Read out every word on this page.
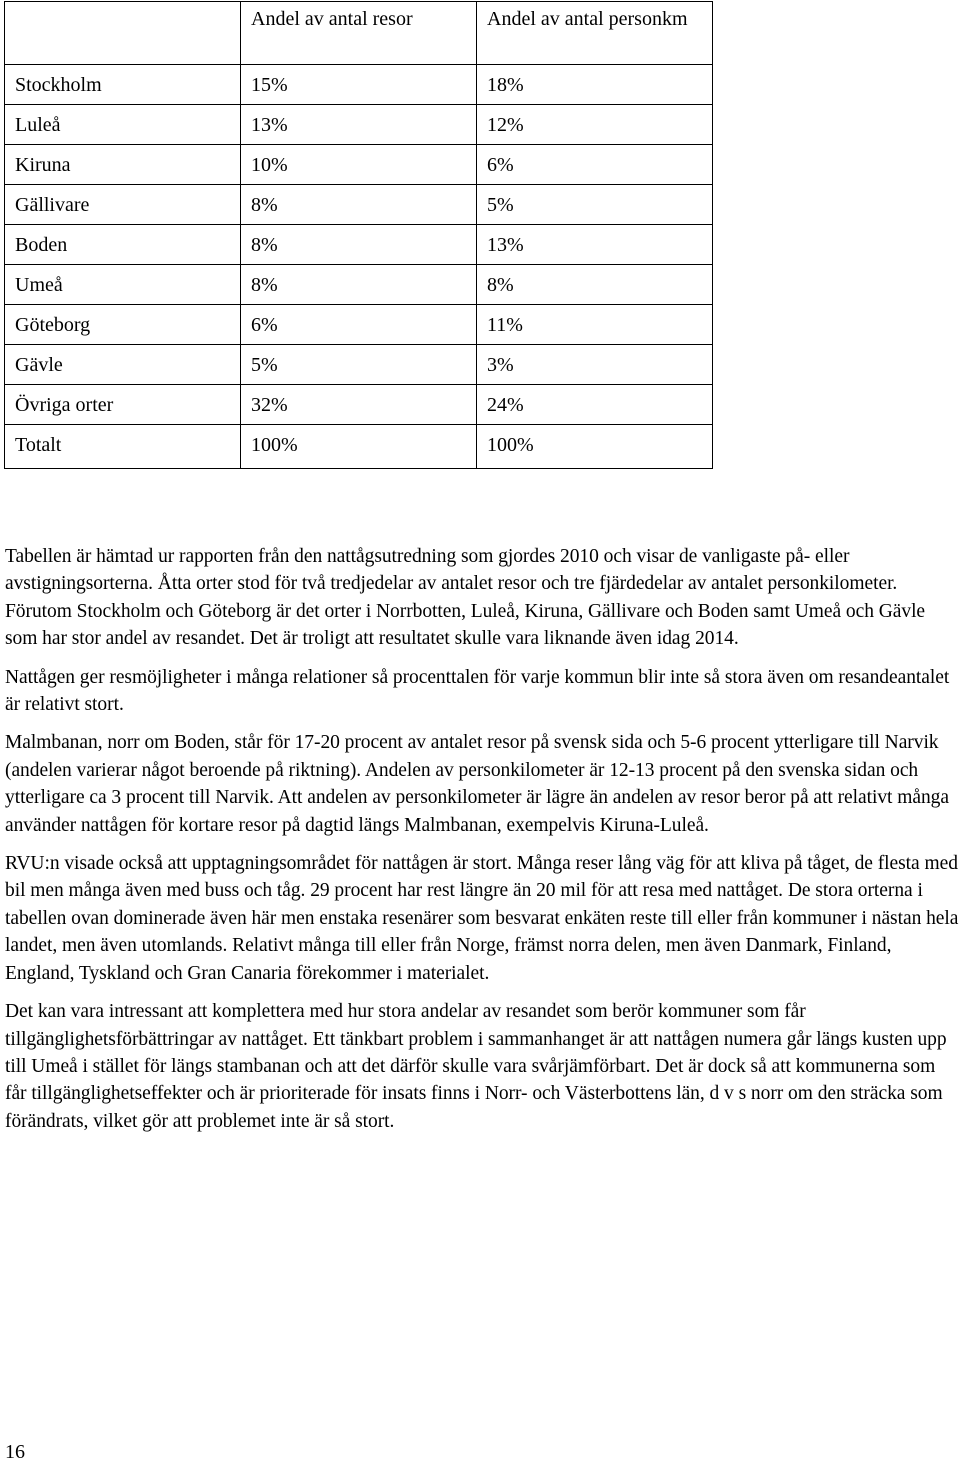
	Andel av antal resor	Andel av antal personkm
Stockholm	15%	18%
Luleå	13%	12%
Kiruna	10%	6%
Gällivare	8%	5%
Boden	8%	13%
Umeå	8%	8%
Göteborg	6%	11%
Gävle	5%	3%
Övriga orter	32%	24%
Totalt	100%	100%

Tabellen är hämtad ur rapporten från den nattågsutredning som gjordes 2010 och visar de vanligaste på- eller avstigningsorterna. Åtta orter stod för två tredjedelar av antalet resor och tre fjärdedelar av antalet personkilometer. Förutom Stockholm och Göteborg är det orter i Norrbotten, Luleå, Kiruna, Gällivare och Boden samt Umeå och Gävle som har stor andel av resandet. Det är troligt att resultatet skulle vara liknande även idag 2014.

Nattågen ger resmöjligheter i många relationer så procenttalen för varje kommun blir inte så stora även om resandeantalet är relativt stort.

Malmbanan, norr om Boden, står för 17-20 procent av antalet resor på svensk sida och 5-6 procent ytterligare till Narvik (andelen varierar något beroende på riktning). Andelen av personkilometer är 12-13 procent på den svenska sidan och ytterligare ca 3 procent till Narvik. Att andelen av personkilometer är lägre än andelen av resor beror på att relativt många använder nattågen för kortare resor på dagtid längs Malmbanan, exempelvis Kiruna-Luleå.

RVU:n visade också att upptagningsområdet för nattågen är stort. Många reser lång väg för att kliva på tåget, de flesta med bil men många även med buss och tåg. 29 procent har rest längre än 20 mil för att resa med nattåget. De stora orterna i tabellen ovan dominerade även här men enstaka resenärer som besvarat enkäten reste till eller från kommuner i nästan hela landet, men även utomlands. Relativt många till eller från Norge, främst norra delen, men även Danmark, Finland, England, Tyskland och Gran Canaria förekommer i materialet.

Det kan vara intressant att komplettera med hur stora andelar av resandet som berör kommuner som får tillgänglighetsförbättringar av nattåget. Ett tänkbart problem i sammanhanget är att nattågen numera går längs kusten upp till Umeå i stället för längs stambanan och att det därför skulle vara svårjämförbart. Det är dock så att kommunerna som får tillgänglighetseffekter och är prioriterade för insats finns i Norr- och Västerbottens län, d v s norr om den sträcka som förändrats, vilket gör att problemet inte är så stort.

16
